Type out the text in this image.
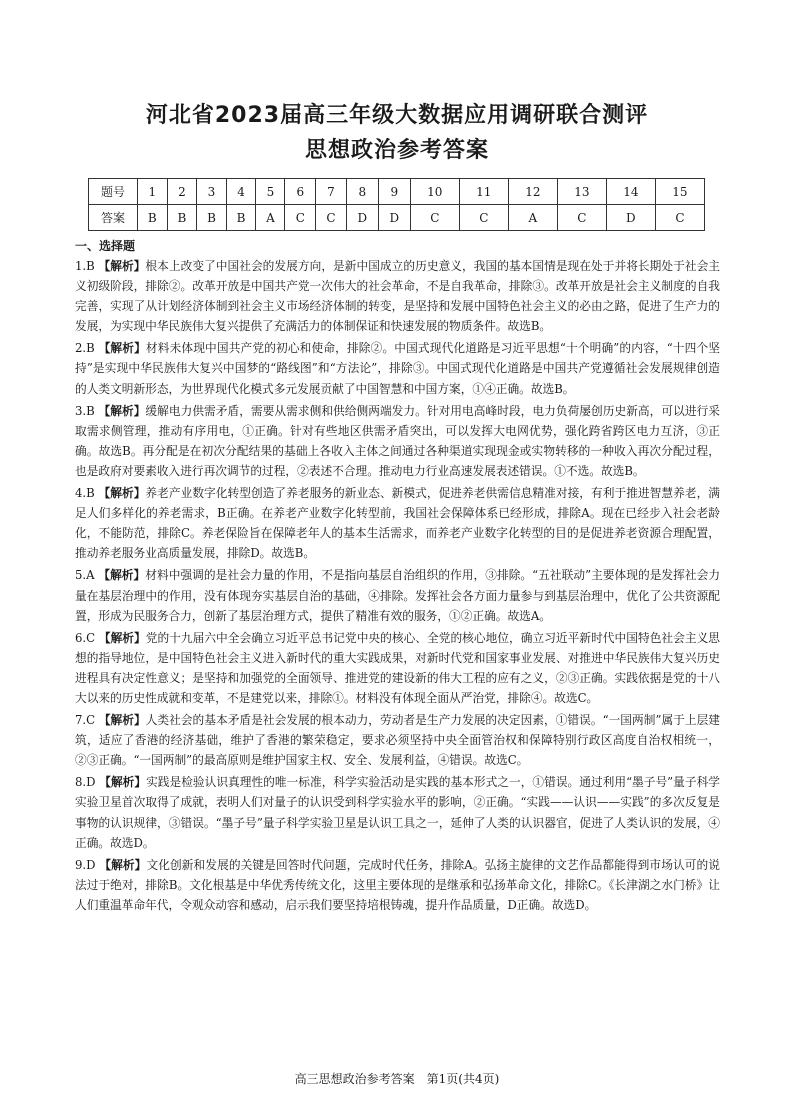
河北省2023届高三年级大数据应用调研联合测评
思想政治参考答案
题号	1	2	3	4	5	6	7	8	9	10	11	12	13	14	15
答案	B	B	B	B	A	C	C	D	D	C	C	A	C	D	C
一、选择题
1.B 【解析】根本上改变了中国社会的发展方向，是新中国成立的历史意义，我国的基本国情是现在处于并将长期处于社会主义初级阶段，排除②。改革开放是中国共产党一次伟大的社会革命，不是自我革命，排除③。改革开放是社会主义制度的自我完善，实现了从计划经济体制到社会主义市场经济体制的转变，是坚持和发展中国特色社会主义的必由之路，促进了生产力的发展，为实现中华民族伟大复兴提供了充满活力的体制保证和快速发展的物质条件。故选B。
2.B 【解析】材料未体现中国共产党的初心和使命，排除②。中国式现代化道路是习近平思想“十个明确”的内容，“十四个坚持”是实现中华民族伟大复兴中国梦的“路线图”和“方法论”，排除③。中国式现代化道路是中国共产党遵循社会发展规律创造的人类文明新形态，为世界现代化模式多元发展贡献了中国智慧和中国方案，①④正确。故选B。
3.B 【解析】缓解电力供需矛盾，需要从需求侧和供给侧两端发力。针对用电高峰时段，电力负荷屡创历史新高，可以进行采取需求侧管理，推动有序用电，①正确。针对有些地区供需矛盾突出，可以发挥大电网优势，强化跨省跨区电力互济，③正确。故选B。再分配是在初次分配结果的基础上各收入主体之间通过各种渠道实现现金或实物转移的一种收入再次分配过程，也是政府对要素收入进行再次调节的过程，②表述不合理。推动电力行业高速发展表述错误。①不选。故选B。
4.B 【解析】养老产业数字化转型创造了养老服务的新业态、新模式，促进养老供需信息精准对接，有利于推进智慧养老，满足人们多样化的养老需求，B正确。在养老产业数字化转型前，我国社会保障体系已经形成，排除A。现在已经步入社会老龄化，不能防范，排除C。养老保险旨在保障老年人的基本生活需求，而养老产业数字化转型的目的是促进养老资源合理配置，推动养老服务业高质量发展，排除D。故选B。
5.A 【解析】材料中强调的是社会力量的作用，不是指向基层自治组织的作用，③排除。“五社联动”主要体现的是发挥社会力量在基层治理中的作用，没有体现夯实基层自治的基础，④排除。发挥社会各方面力量参与到基层治理中，优化了公共资源配置，形成为民服务合力，创新了基层治理方式，提供了精准有效的服务，①②正确。故选A。
6.C 【解析】党的十九届六中全会确立习近平总书记党中央的核心、全党的核心地位，确立习近平新时代中国特色社会主义思想的指导地位，是中国特色社会主义进入新时代的重大实践成果，对新时代党和国家事业发展、对推进中华民族伟大复兴历史进程具有决定性意义；是坚持和加强党的全面领导、推进党的建设新的伟大工程的应有之义，②③正确。实践依据是党的十八大以来的历史性成就和变革，不是建党以来，排除①。材料没有体现全面从严治党，排除④。故选C。
7.C 【解析】人类社会的基本矛盾是社会发展的根本动力，劳动者是生产力发展的决定因素，①错误。“一国两制”属于上层建筑，适应了香港的经济基础，维护了香港的繁荣稳定，要求必须坚持中央全面管治权和保障特别行政区高度自治权相统一，②③正确。“一国两制”的最高原则是维护国家主权、安全、发展利益，④错误。故选C。
8.D 【解析】实践是检验认识真理性的唯一标准，科学实验活动是实践的基本形式之一，①错误。通过利用“墨子号”量子科学实验卫星首次取得了成就，表明人们对量子的认识受到科学实验水平的影响，②正确。“实践——认识——实践”的多次反复是事物的认识规律，③错误。“墨子号”量子科学实验卫星是认识工具之一，延伸了人类的认识器官，促进了人类认识的发展，④正确。故选D。
9.D 【解析】文化创新和发展的关键是回答时代问题，完成时代任务，排除A。弘扬主旋律的文艺作品都能得到市场认可的说法过于绝对，排除B。文化根基是中华优秀传统文化，这里主要体现的是继承和弘扬革命文化，排除C。《长津湖之水门桥》让人们重温革命年代，令观众动容和感动，启示我们要坚持培根铸魂，提升作品质量，D正确。故选D。
高三思想政治参考答案　第1页(共4页)
